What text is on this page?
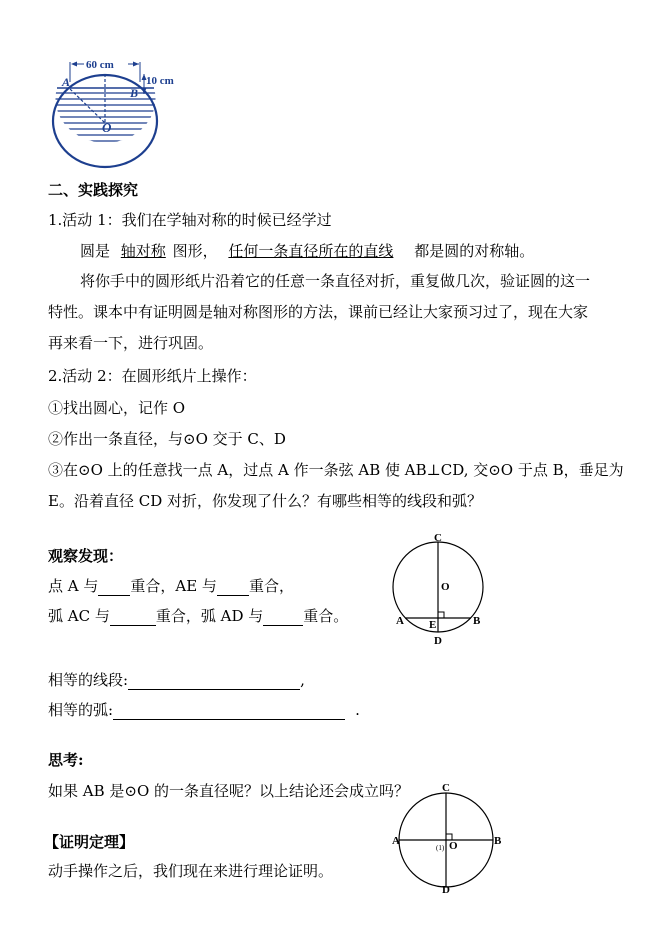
60 cm
10 cm
A
B
O
二、实践探究
1.活动 1：我们在学轴对称的时候已经学过
圆是 轴对称 图形， 任何一条直径所在的直线 都是圆的对称轴。
将你手中的圆形纸片沿着它的任意一条直径对折，重复做几次，验证圆的这一
特性。课本中有证明圆是轴对称图形的方法，课前已经让大家预习过了，现在大家
再来看一下，进行巩固。
2.活动 2：在圆形纸片上操作：
①找出圆心，记作 O
②作出一条直径，与⊙O 交于 C、D
③在⊙O 上的任意找一点 A，过点 A 作一条弦 AB 使 AB⊥CD, 交⊙O 于点 B，垂足为
E。沿着直径 CD 对折，你发现了什么？有哪些相等的线段和弧？
观察发现：
点 A 与 重合，AE 与 重合，
弧 AC 与	重合，弧 AD 与	重合。
相等的线段:	,
相等的弧:	.
C
O
A E	B
D
思考:
如果 AB 是⊙O 的一条直径呢？以上结论还会成立吗？	C
A
(1) O	B
D
【证明定理】
动手操作之后，我们现在来进行理论证明。
